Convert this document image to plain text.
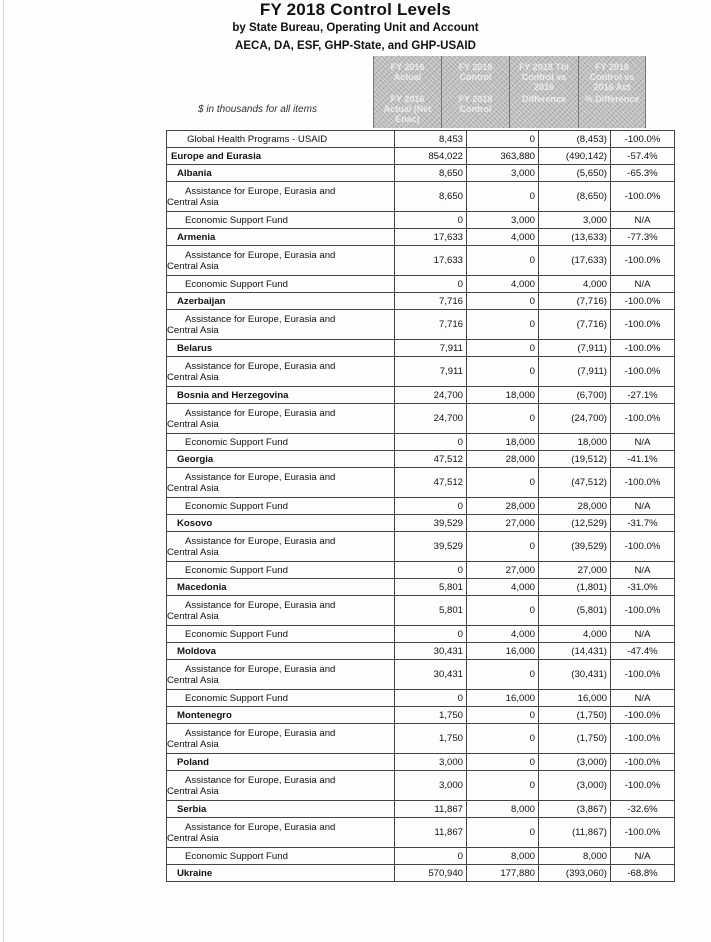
FY 2018 Control Levels
by State Bureau, Operating Unit and Account
AECA, DA, ESF, GHP-State, and GHP-USAID
$ in thousands for all items
FY 2016 Actual
FY 2016 Actual (Net Enac)
FY 2018 Control
FY 2018 Control
FY 2018 Tbl Control vs 2016
Difference
FY 2018 Control vs 2016 Act
% Difference
Global Health Programs - USAID	8,453	0	(8,453)	-100.0%
Europe and Eurasia	854,022	363,880	(490,142)	-57.4%
Albania	8,650	3,000	(5,650)	-65.3%
Assistance for Europe, Eurasia and
Central Asia	8,650	0	(8,650)	-100.0%
Economic Support Fund	0	3,000	3,000	N/A
Armenia	17,633	4,000	(13,633)	-77.3%
Assistance for Europe, Eurasia and
Central Asia	17,633	0	(17,633)	-100.0%
Economic Support Fund	0	4,000	4,000	N/A
Azerbaijan	7,716	0	(7,716)	-100.0%
Assistance for Europe, Eurasia and
Central Asia	7,716	0	(7,716)	-100.0%
Belarus	7,911	0	(7,911)	-100.0%
Assistance for Europe, Eurasia and
Central Asia	7,911	0	(7,911)	-100.0%
Bosnia and Herzegovina	24,700	18,000	(6,700)	-27.1%
Assistance for Europe, Eurasia and
Central Asia	24,700	0	(24,700)	-100.0%
Economic Support Fund	0	18,000	18,000	N/A
Georgia	47,512	28,000	(19,512)	-41.1%
Assistance for Europe, Eurasia and
Central Asia	47,512	0	(47,512)	-100.0%
Economic Support Fund	0	28,000	28,000	N/A
Kosovo	39,529	27,000	(12,529)	-31.7%
Assistance for Europe, Eurasia and
Central Asia	39,529	0	(39,529)	-100.0%
Economic Support Fund	0	27,000	27,000	N/A
Macedonia	5,801	4,000	(1,801)	-31.0%
Assistance for Europe, Eurasia and
Central Asia	5,801	0	(5,801)	-100.0%
Economic Support Fund	0	4,000	4,000	N/A
Moldova	30,431	16,000	(14,431)	-47.4%
Assistance for Europe, Eurasia and
Central Asia	30,431	0	(30,431)	-100.0%
Economic Support Fund	0	16,000	16,000	N/A
Montenegro	1,750	0	(1,750)	-100.0%
Assistance for Europe, Eurasia and
Central Asia	1,750	0	(1,750)	-100.0%
Poland	3,000	0	(3,000)	-100.0%
Assistance for Europe, Eurasia and
Central Asia	3,000	0	(3,000)	-100.0%
Serbia	11,867	8,000	(3,867)	-32.6%
Assistance for Europe, Eurasia and
Central Asia	11,867	0	(11,867)	-100.0%
Economic Support Fund	0	8,000	8,000	N/A
Ukraine	570,940	177,880	(393,060)	-68.8%
